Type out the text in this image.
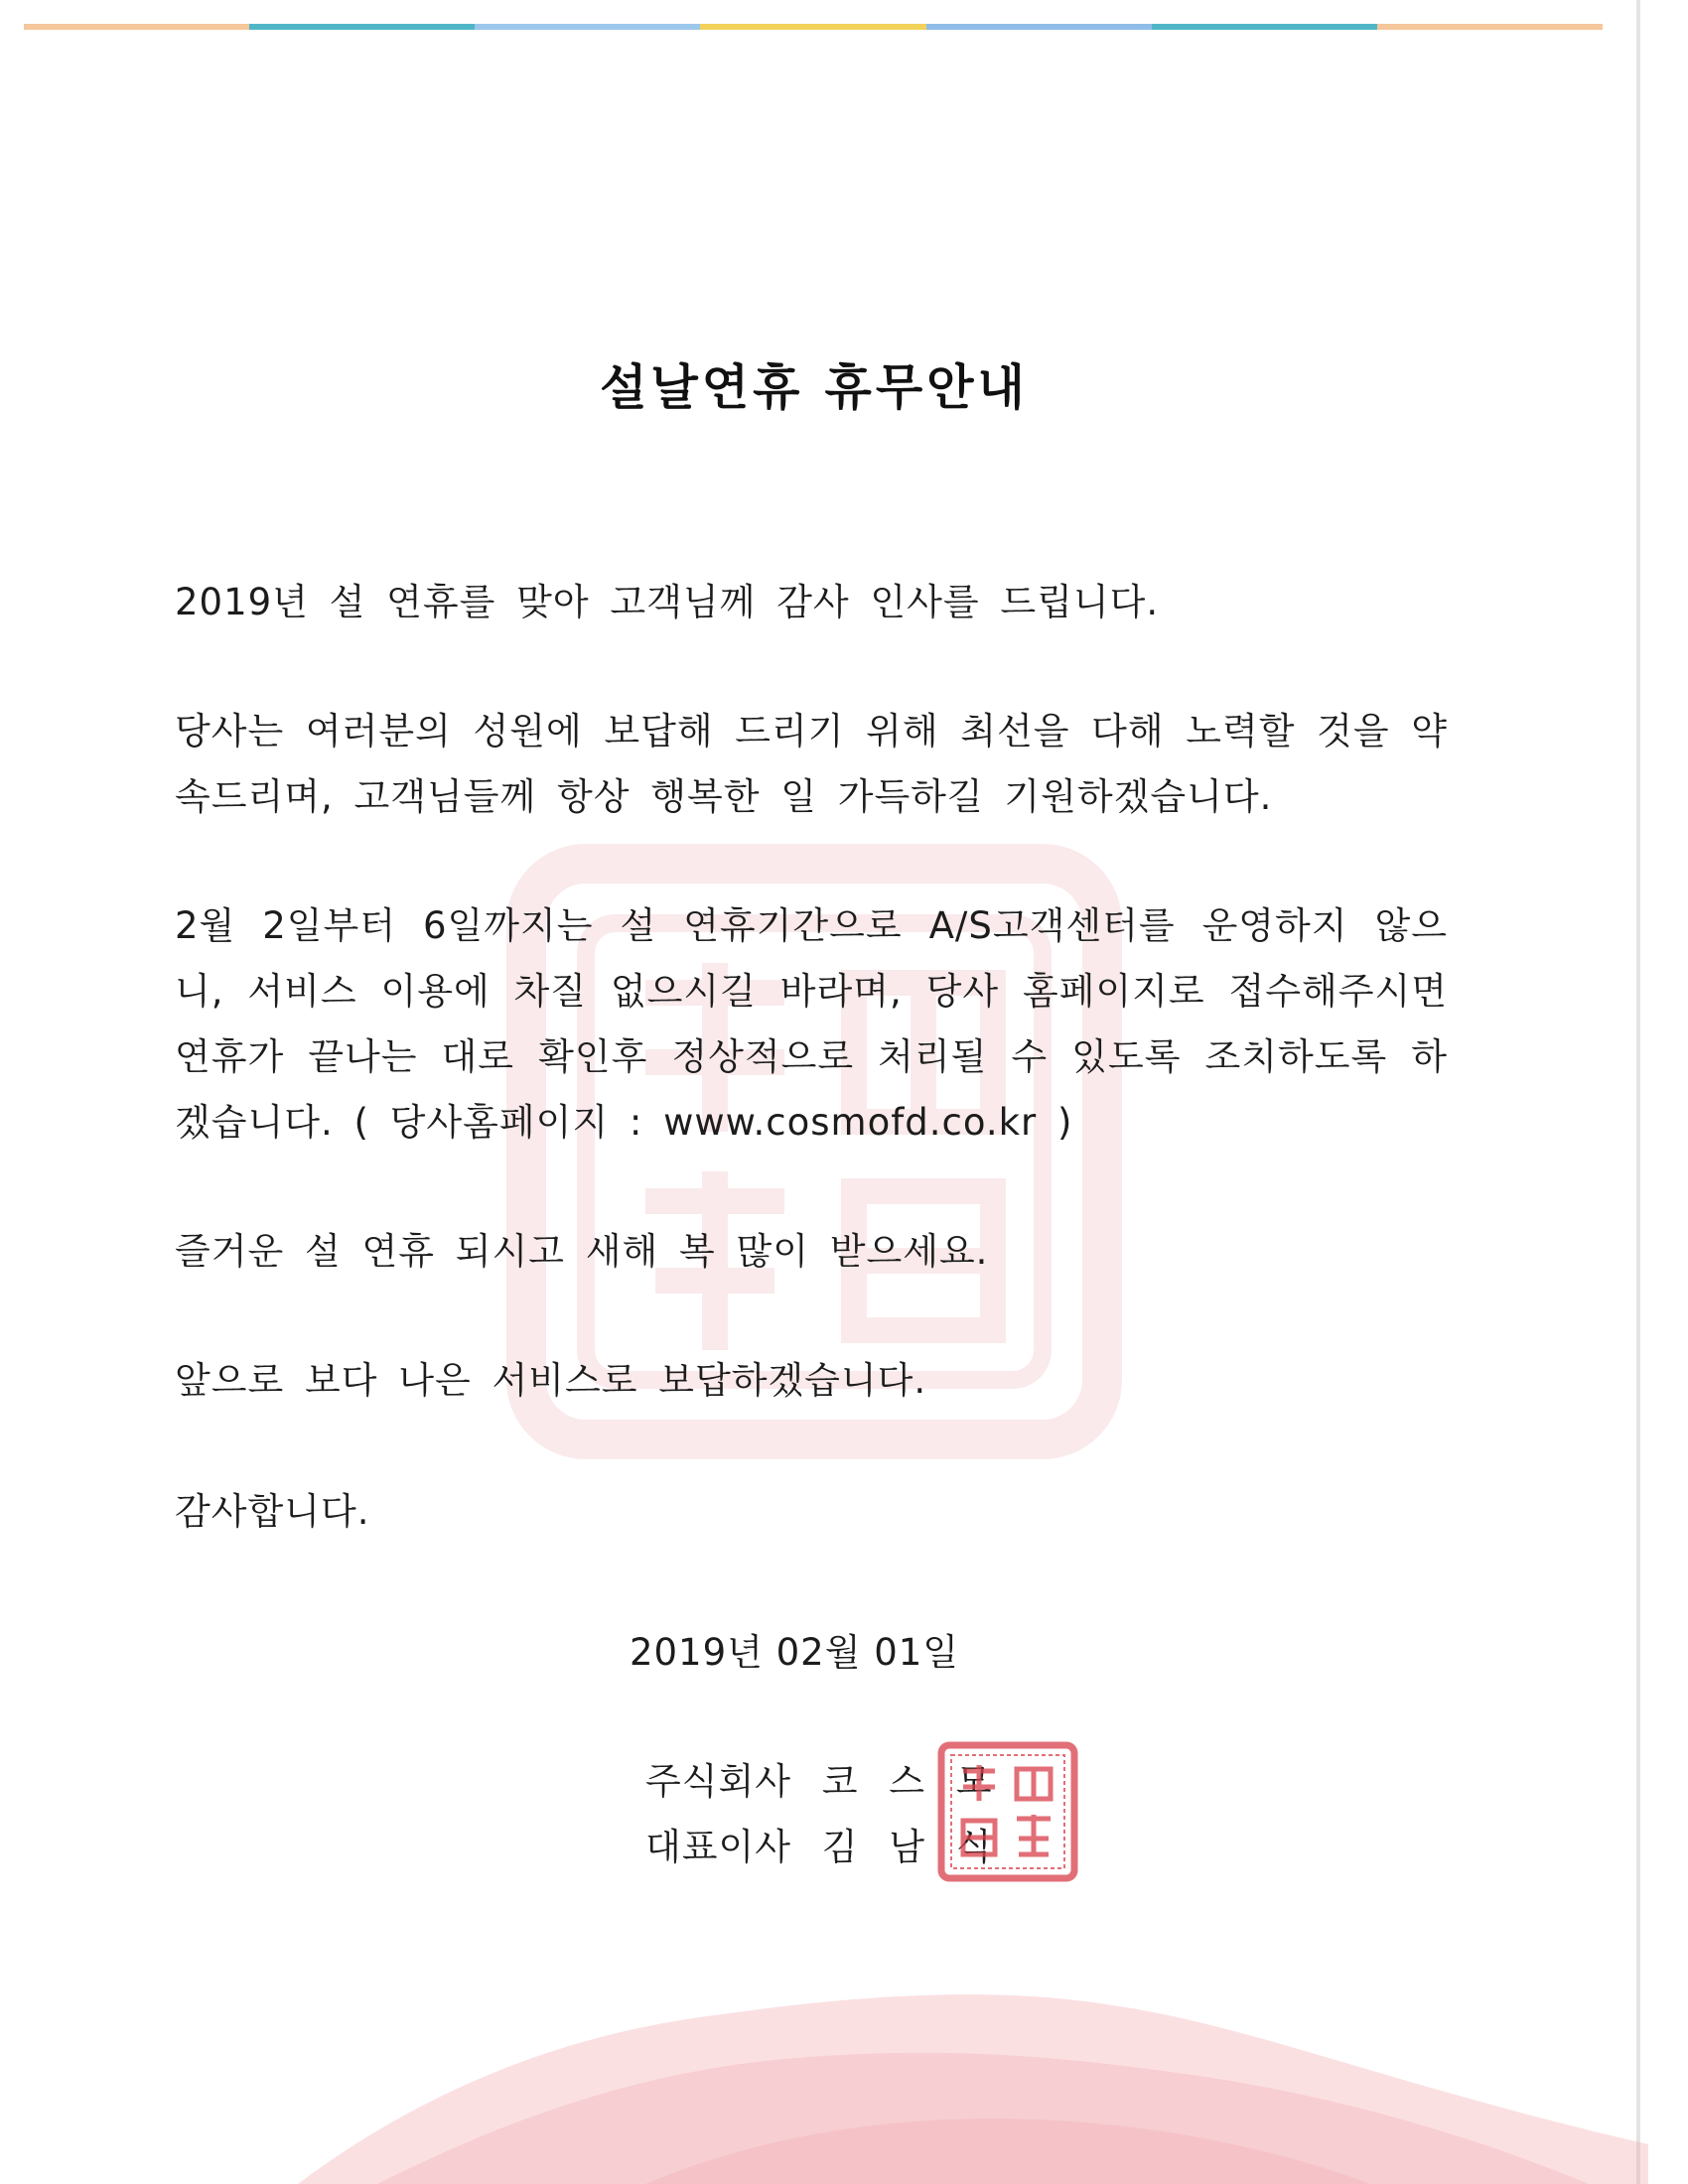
설날연휴 휴무안내
2019년 설 연휴를 맞아 고객님께 감사 인사를 드립니다.
당사는 여러분의 성원에 보답해 드리기 위해 최선을 다해 노력할 것을 약속드리며, 고객님들께 항상 행복한 일 가득하길 기원하겠습니다.
2월 2일부터 6일까지는 설 연휴기간으로 A/S고객센터를 운영하지 않으니, 서비스 이용에 차질 없으시길 바라며, 당사 홈페이지로 접수해주시면 연휴가 끝나는 대로 확인후 정상적으로 처리될 수 있도록 조치하도록 하겠습니다. ( 당사홈페이지 : www.cosmofd.co.kr )
즐거운 설 연휴 되시고 새해 복 많이 받으세요.
앞으로 보다 나은 서비스로 보답하겠습니다.
감사합니다.
2019년 02월 01일
주식회사 코 스 모
대표이사 김 남 식
